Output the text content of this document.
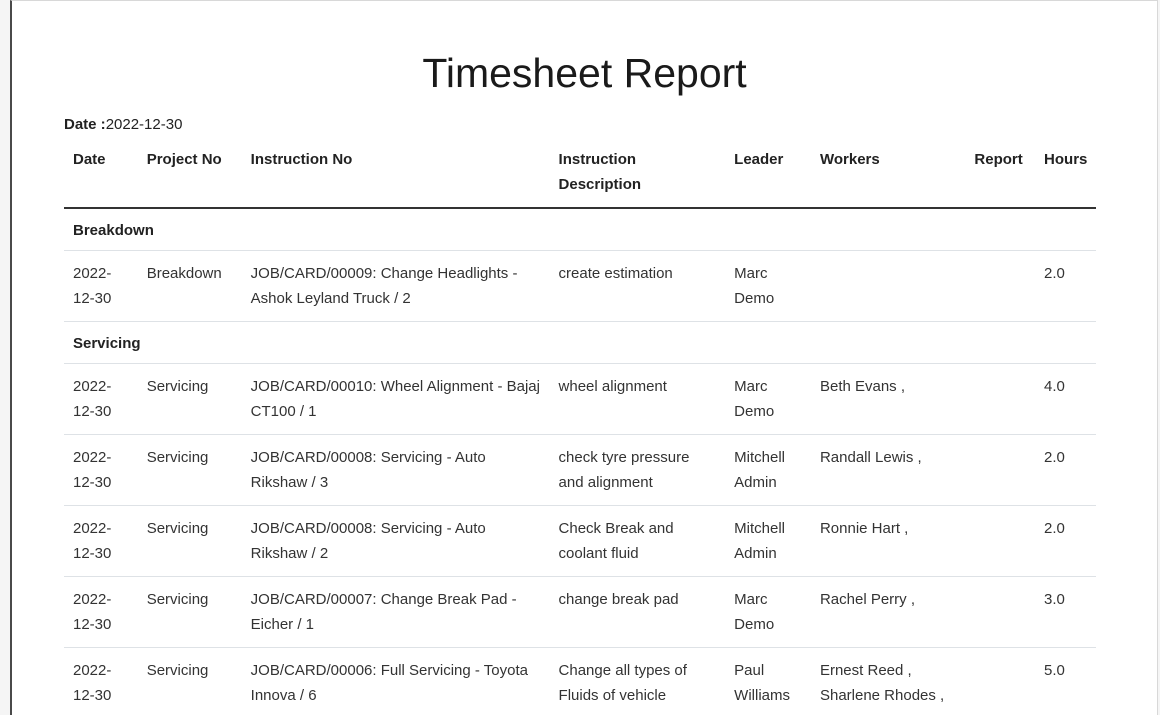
Timesheet Report
Date :2022-12-30
Date	Project No	Instruction No	Instruction Description	Leader	Workers	Report	Hours
Breakdown							
2022-12-30	Breakdown	JOB/CARD/00009: Change Headlights - Ashok Leyland Truck / 2	create estimation	Marc Demo			2.0
Servicing							
2022-12-30	Servicing	JOB/CARD/00010: Wheel Alignment - Bajaj CT100 / 1	wheel alignment	Marc Demo	Beth Evans ,		4.0
2022-12-30	Servicing	JOB/CARD/00008: Servicing - Auto Rikshaw / 3	check tyre pressure and alignment	Mitchell Admin	Randall Lewis ,		2.0
2022-12-30	Servicing	JOB/CARD/00008: Servicing - Auto Rikshaw / 2	Check Break and coolant fluid	Mitchell Admin	Ronnie Hart ,		2.0
2022-12-30	Servicing	JOB/CARD/00007: Change Break Pad - Eicher / 1	change break pad	Marc Demo	Rachel Perry ,		3.0
2022-12-30	Servicing	JOB/CARD/00006: Full Servicing - Toyota Innova / 6	Change all types of Fluids of vehicle	Paul Williams	Ernest Reed , Sharlene Rhodes ,		5.0
